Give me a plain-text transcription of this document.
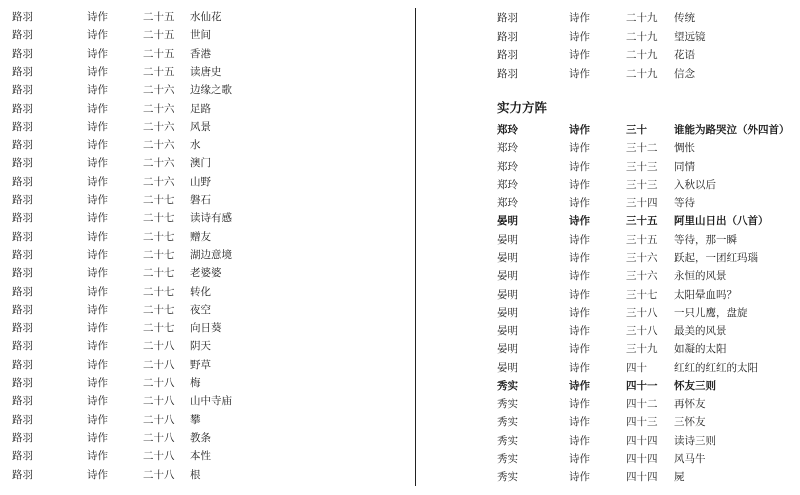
路羽	诗作	二十五 水仙花
路羽	诗作	二十五 世间
路羽	诗作	二十五 香港
路羽	诗作	二十五 读唐史
路羽	诗作	二十六 边缘之歌
路羽	诗作	二十六 足路
路羽	诗作	二十六 风景
路羽	诗作	二十六 水
路羽	诗作	二十六 澳门
路羽	诗作	二十六 山野
路羽	诗作	二十七 磐石
路羽	诗作	二十七 读诗有感
路羽	诗作	二十七 赠友
路羽	诗作	二十七 湖边意境
路羽	诗作	二十七 老婆婆
路羽	诗作	二十七 转化
路羽	诗作	二十七 夜空
路羽	诗作	二十七 向日葵
路羽	诗作	二十八 阴天
路羽	诗作	二十八 野草
路羽	诗作	二十八 梅
路羽	诗作	二十八 山中寺庙
路羽	诗作	二十八 攀
路羽	诗作	二十八 教条
路羽	诗作	二十八 本性
路羽	诗作	二十八 根
实力方阵
路羽	诗作	二十九 传统
路羽	诗作	二十九 望远镜
路羽	诗作	二十九 花语
路羽	诗作	二十九 信念
郑玲	诗作	三十	谁能为路哭泣（外四首）
郑玲	诗作	三十二 惆怅
郑玲	诗作	三十三 同情
郑玲	诗作	三十三 入秋以后
郑玲	诗作	三十四 等待
晏明	诗作	三十五 阿里山日出（八首）
晏明	诗作	三十五 等待，那一瞬
晏明	诗作	三十六 跃起，一团红玛瑙
晏明	诗作	三十六 永恒的风景
晏明	诗作	三十七 太阳晕血吗？
晏明	诗作	三十八 一只儿鹰，盘旋
晏明	诗作	三十八 最美的风景
晏明	诗作	三十九 如凝的太阳
晏明	诗作	四十	红红的红红的太阳
秀实	诗作	四十一 怀友三则
秀实	诗作	四十二 再怀友
秀实	诗作	四十三 三怀友
秀实	诗作	四十四 读诗三则
秀实	诗作	四十四 风马牛
秀实	诗作	四十四 屍
